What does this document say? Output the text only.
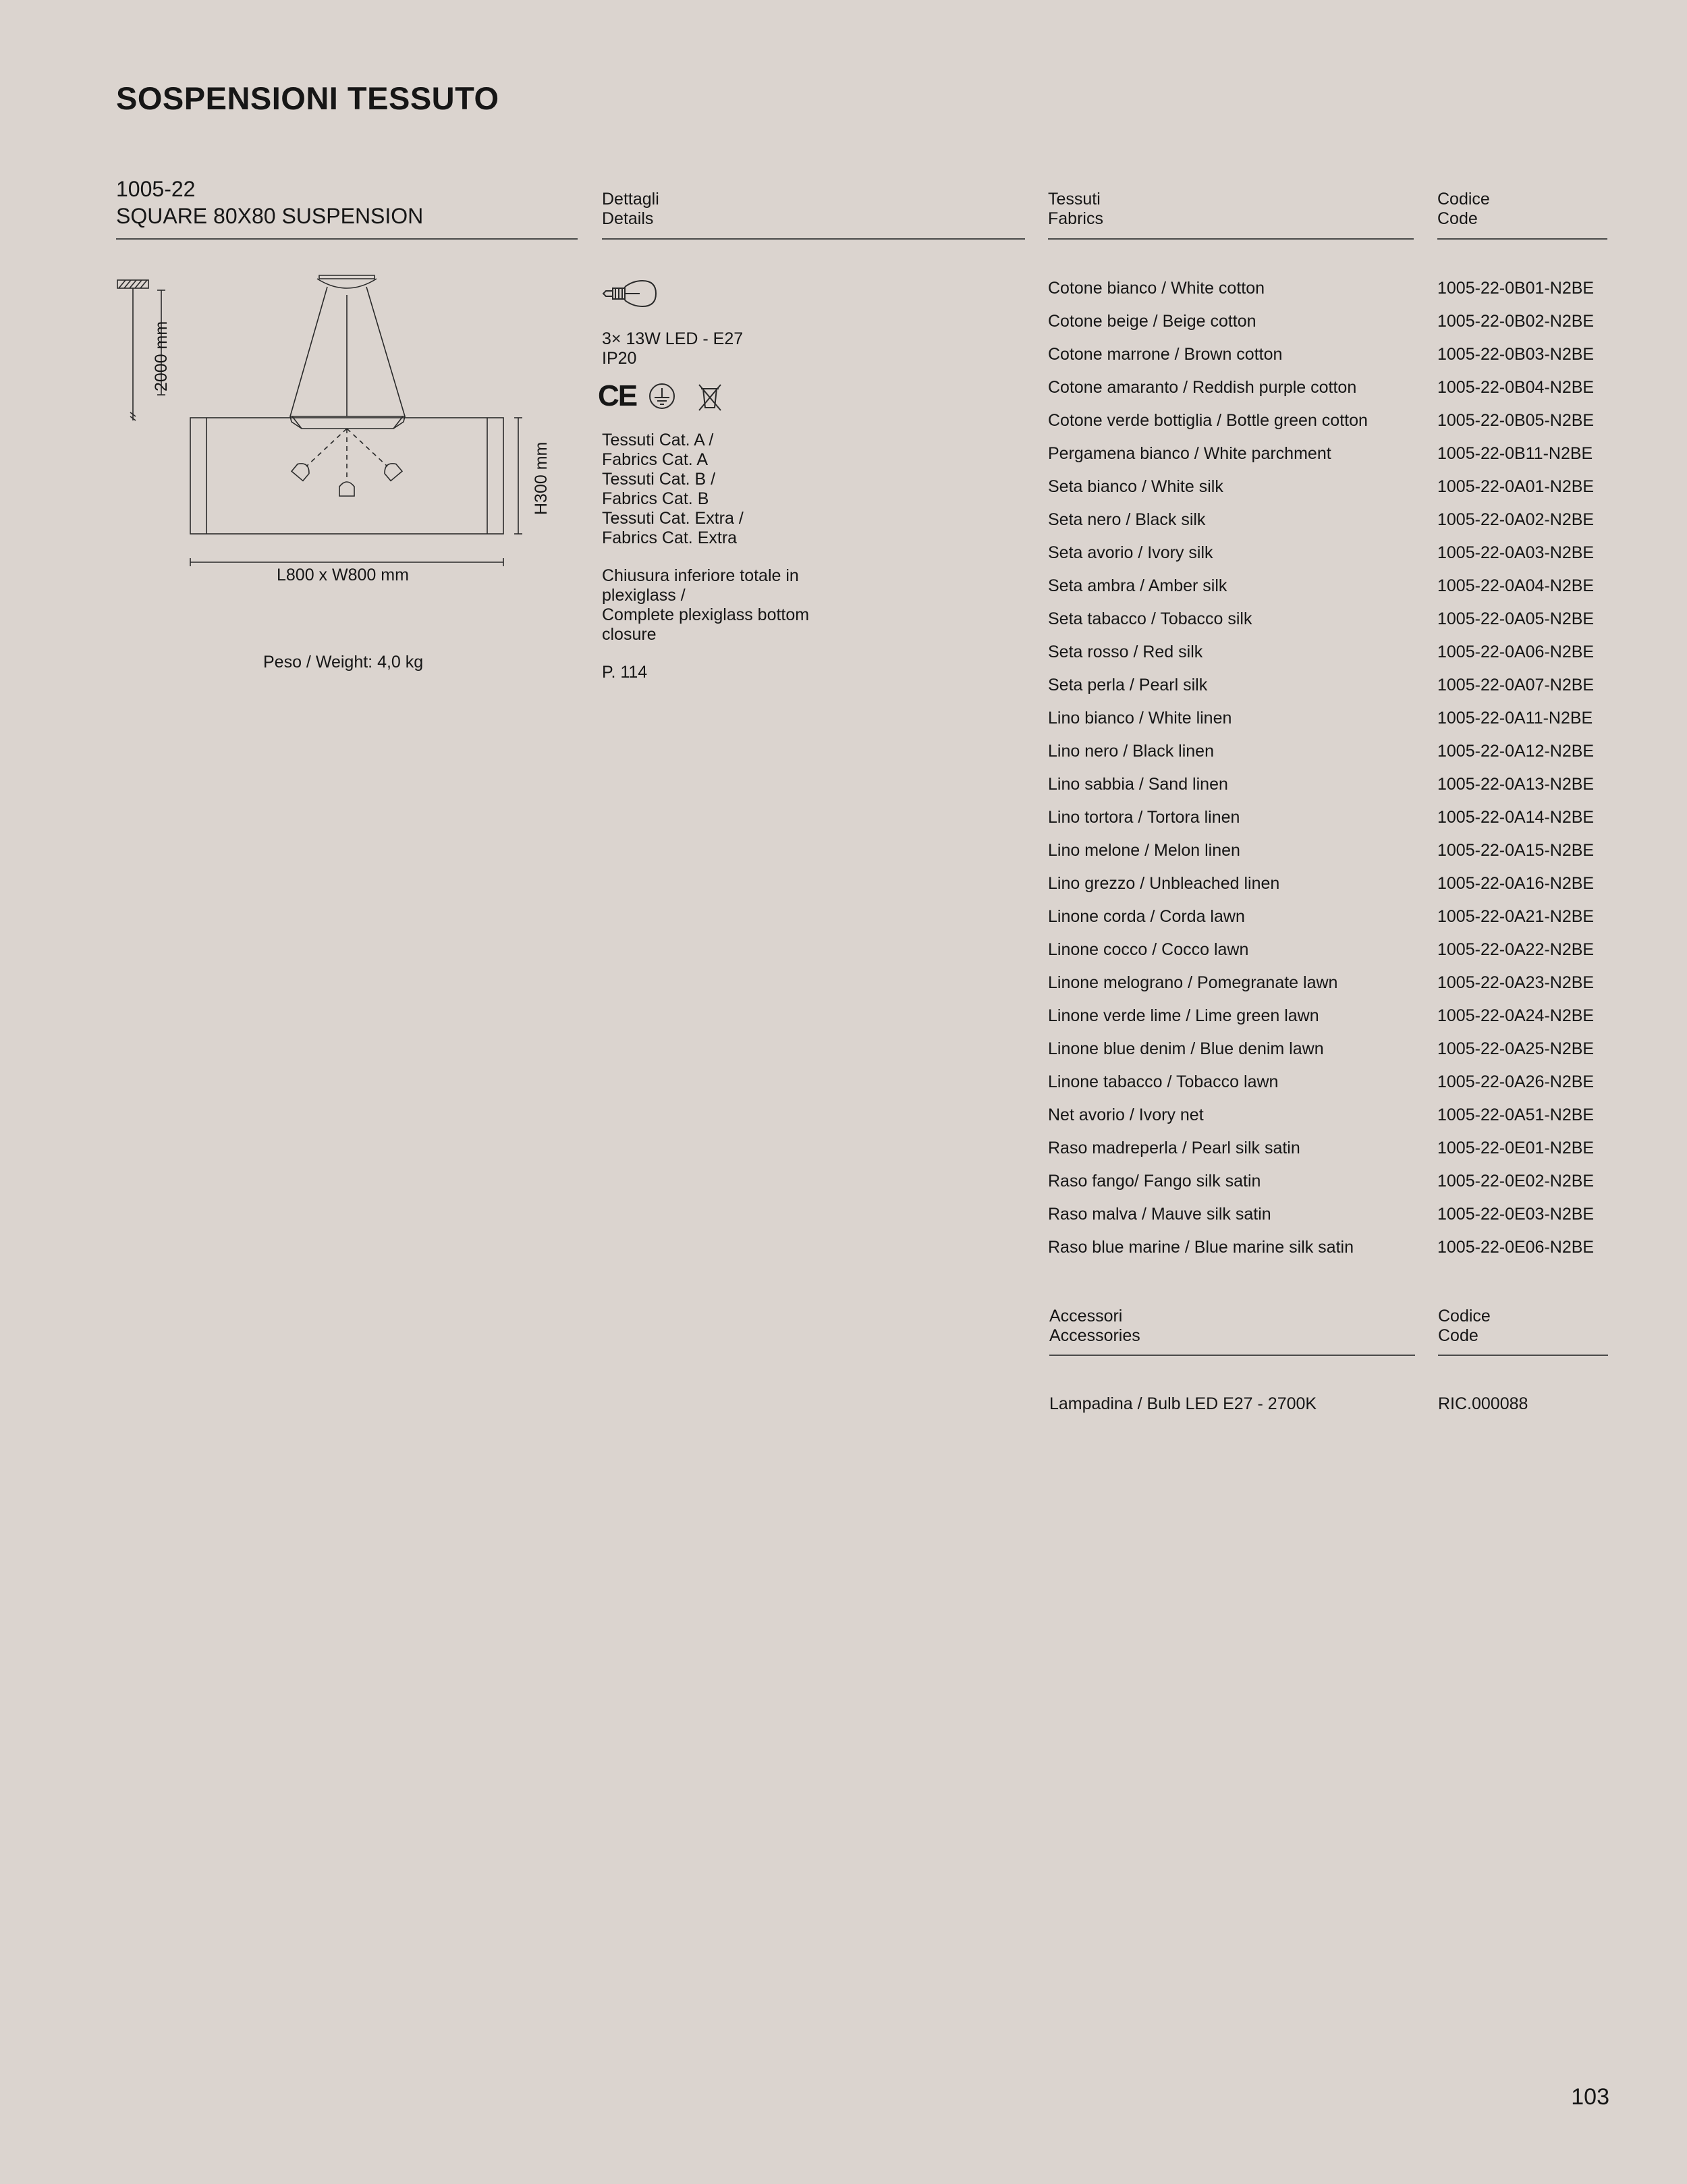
SOSPENSIONI TESSUTO
1005-22
SQUARE 80X80 SUSPENSION
Dettagli
Details
Tessuti
Fabrics
Codice
Code
2000 mm
H300 mm
L800 x W800 mm
Peso / Weight: 4,0 kg
3× 13W LED - E27
IP20
CE
Tessuti Cat. A /
Fabrics Cat. A
Tessuti Cat. B /
Fabrics Cat. B
Tessuti Cat. Extra /
Fabrics Cat. Extra
Chiusura inferiore totale in
plexiglass /
Complete plexiglass bottom
closure
P. 114
Cotone bianco / White cotton	1005-22-0B01-N2BE
Cotone beige / Beige cotton	1005-22-0B02-N2BE
Cotone marrone / Brown cotton	1005-22-0B03-N2BE
Cotone amaranto / Reddish purple cotton	1005-22-0B04-N2BE
Cotone verde bottiglia / Bottle green cotton	1005-22-0B05-N2BE
Pergamena bianco / White parchment	1005-22-0B11-N2BE
Seta bianco / White silk	1005-22-0A01-N2BE
Seta nero / Black silk	1005-22-0A02-N2BE
Seta avorio / Ivory silk	1005-22-0A03-N2BE
Seta ambra / Amber silk	1005-22-0A04-N2BE
Seta tabacco / Tobacco silk	1005-22-0A05-N2BE
Seta rosso / Red silk	1005-22-0A06-N2BE
Seta perla / Pearl silk	1005-22-0A07-N2BE
Lino bianco / White linen	1005-22-0A11-N2BE
Lino nero / Black linen	1005-22-0A12-N2BE
Lino sabbia / Sand linen	1005-22-0A13-N2BE
Lino tortora / Tortora linen	1005-22-0A14-N2BE
Lino melone / Melon linen	1005-22-0A15-N2BE
Lino grezzo / Unbleached linen	1005-22-0A16-N2BE
Linone corda / Corda lawn	1005-22-0A21-N2BE
Linone cocco / Cocco lawn	1005-22-0A22-N2BE
Linone melograno / Pomegranate lawn	1005-22-0A23-N2BE
Linone verde lime / Lime green lawn	1005-22-0A24-N2BE
Linone blue denim / Blue denim lawn	1005-22-0A25-N2BE
Linone tabacco / Tobacco lawn	1005-22-0A26-N2BE
Net avorio / Ivory net	1005-22-0A51-N2BE
Raso madreperla / Pearl silk satin	1005-22-0E01-N2BE
Raso fango/ Fango silk satin	1005-22-0E02-N2BE
Raso malva / Mauve silk satin	1005-22-0E03-N2BE
Raso blue marine / Blue marine silk satin	1005-22-0E06-N2BE
Accessori
Accessories
Codice
Code
Lampadina / Bulb LED E27 - 2700K	RIC.000088
103
